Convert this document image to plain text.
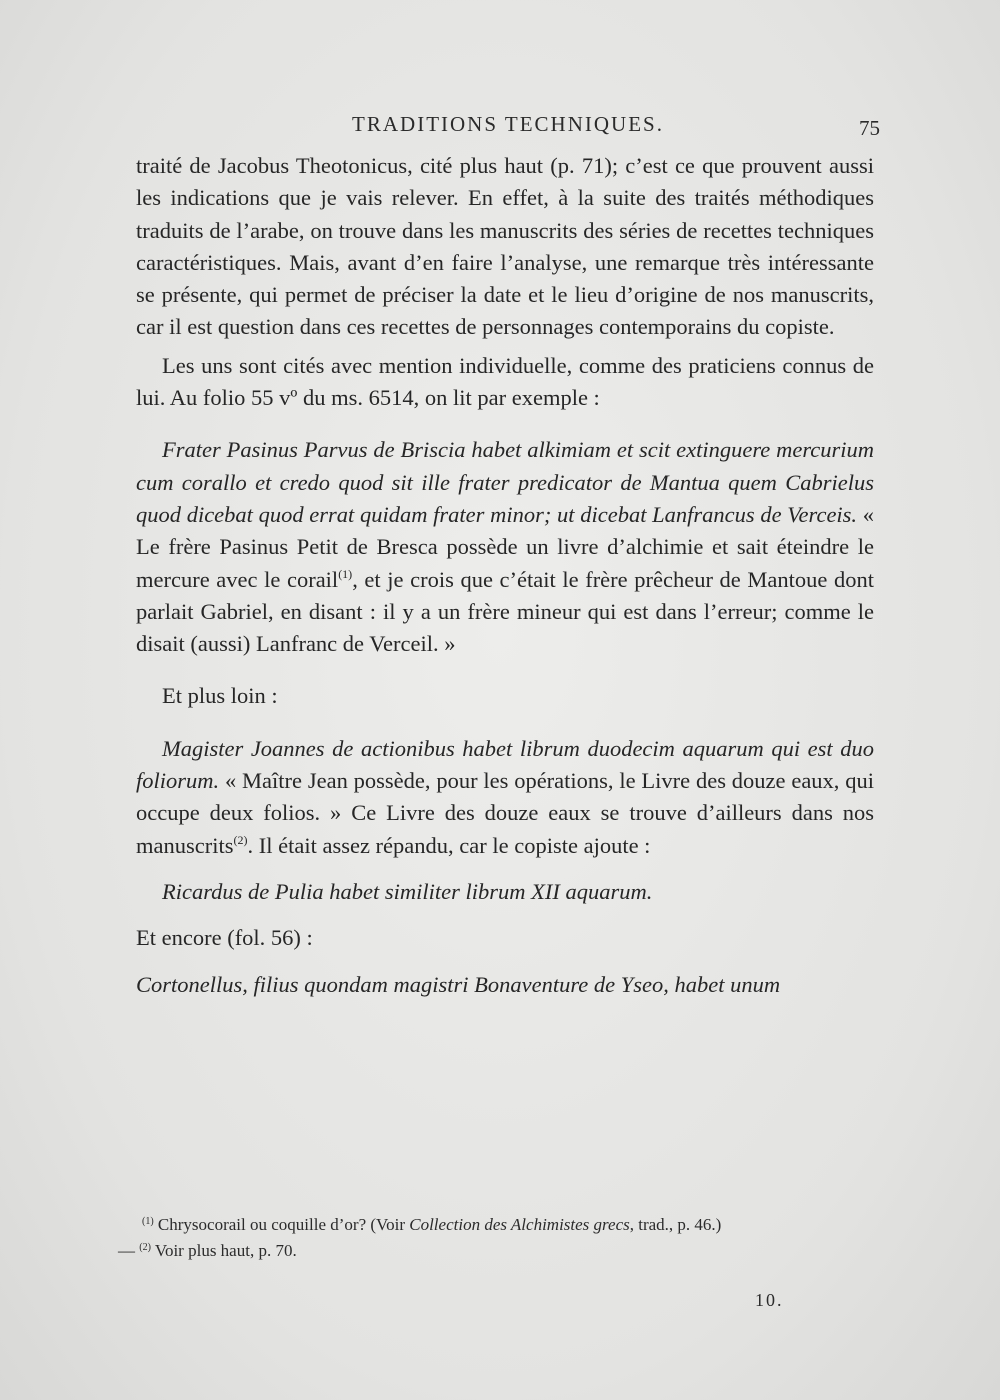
TRADITIONS TECHNIQUES.	75

traité de Jacobus Theotonicus, cité plus haut (p. 71); c’est ce que prouvent aussi les indications que je vais relever. En effet, à la suite des traités méthodiques traduits de l’arabe, on trouve dans les manuscrits des séries de recettes techniques caractéristiques. Mais, avant d’en faire l’analyse, une remarque très intéressante se présente, qui permet de préciser la date et le lieu d’origine de nos manuscrits, car il est question dans ces recettes de personnages contemporains du copiste.

Les uns sont cités avec mention individuelle, comme des praticiens connus de lui. Au folio 55 vº du ms. 6514, on lit par exemple :

Frater Pasinus Parvus de Briscia habet alkimiam et scit extinguere mercurium cum corallo et credo quod sit ille frater predicator de Mantua quem Cabrielus quod dicebat quod errat quidam frater minor; ut dicebat Lanfrancus de Verceis. « Le frère Pasinus Petit de Bresca possède un livre d’alchimie et sait éteindre le mercure avec le corail$^{(1)}$, et je crois que c’était le frère prêcheur de Mantoue dont parlait Gabriel, en disant : il y a un frère mineur qui est dans l’erreur; comme le disait (aussi) Lanfranc de Verceil. »

Et plus loin :

Magister Joannes de actionibus habet librum duodecim aquarum qui est duo foliorum. « Maître Jean possède, pour les opérations, le Livre des douze eaux, qui occupe deux folios. » Ce Livre des douze eaux se trouve d’ailleurs dans nos manuscrits$^{(2)}$. Il était assez répandu, car le copiste ajoute :

Ricardus de Pulia habet similiter librum XII aquarum.

Et encore (fol. 56) :

Cortonellus, filius quondam magistri Bonaventure de Yseo, habet unum

$^{(1)}$ Chrysocorail ou coquille d’or? (Voir Collection des Alchimistes grecs, trad., p. 46.)

— $^{(2)}$ Voir plus haut, p. 70.

10.
